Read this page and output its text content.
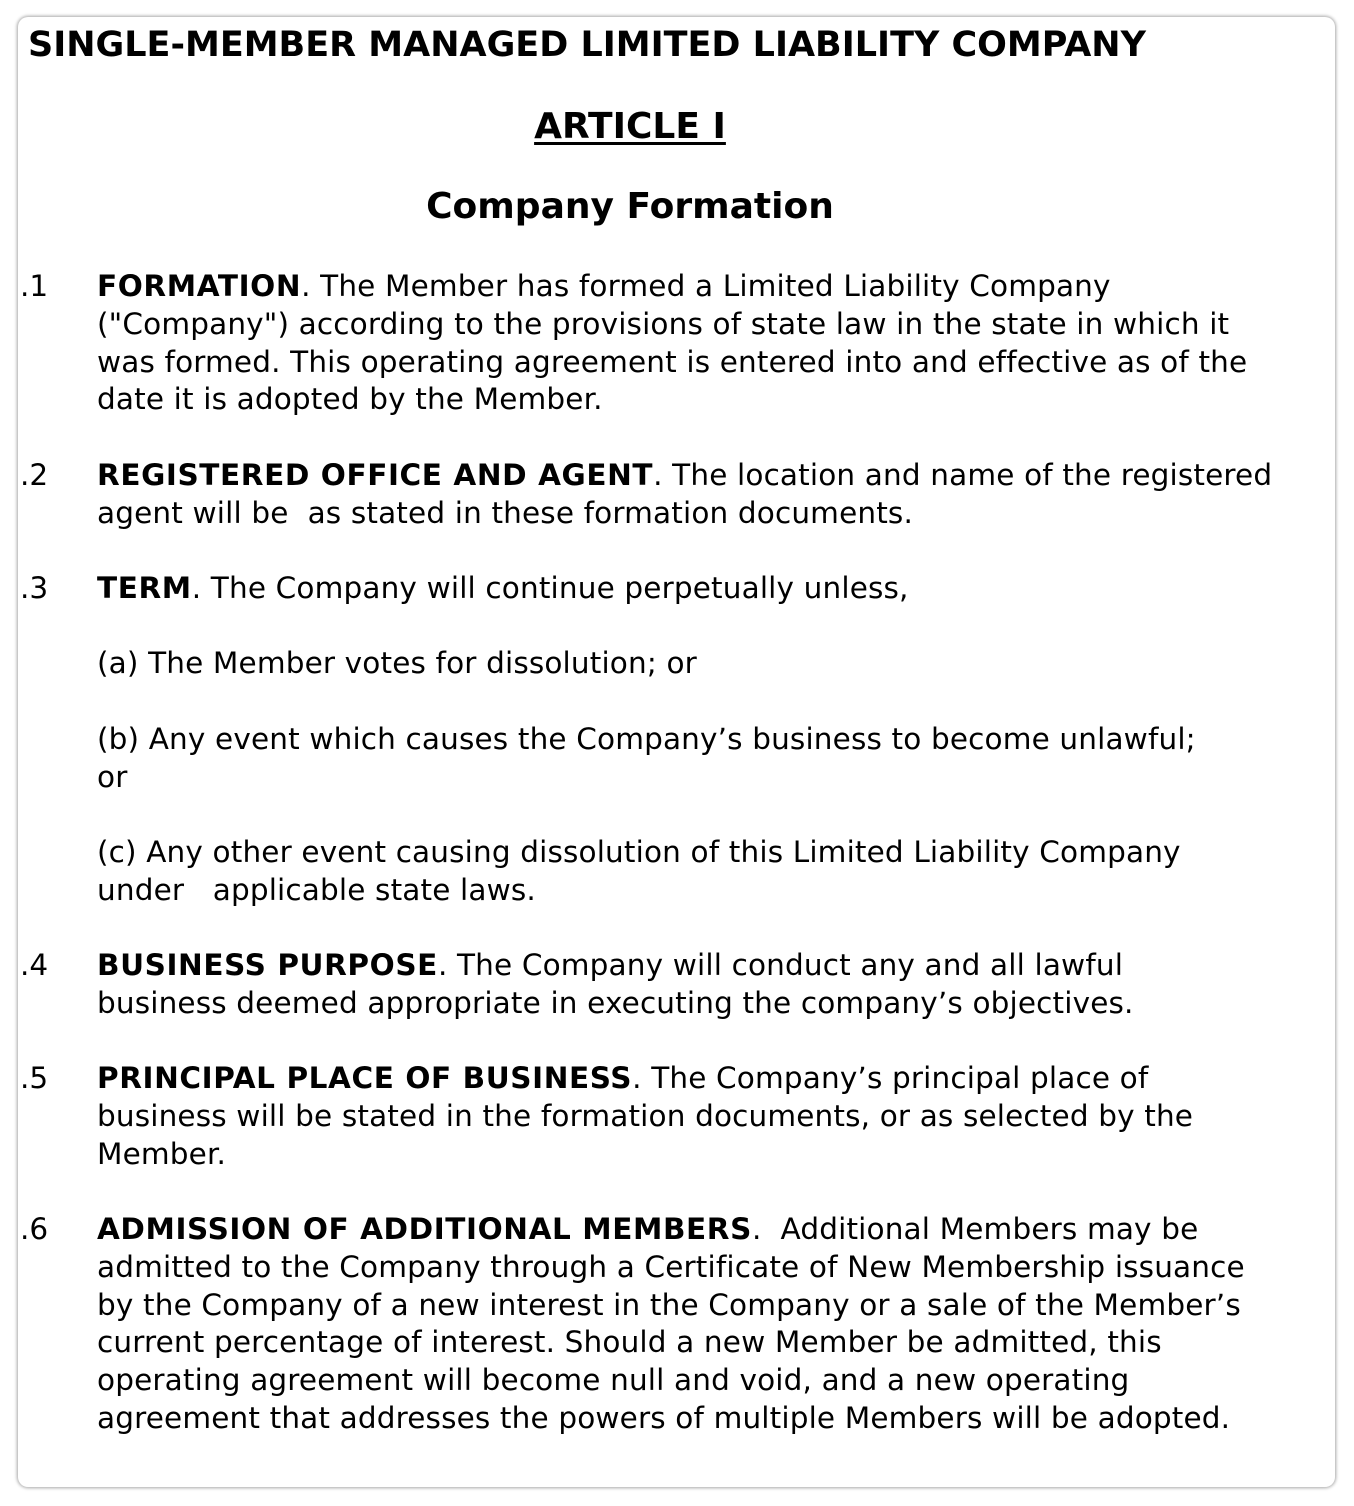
SINGLE-MEMBER MANAGED LIMITED LIABILITY COMPANY
ARTICLE I
Company Formation
.1 FORMATION. The Member has formed a Limited Liability Company ("Company") according to the provisions of state law in the state in which it was formed. This operating agreement is entered into and effective as of the date it is adopted by the Member.
.2 REGISTERED OFFICE AND AGENT. The location and name of the registered agent will be  as stated in these formation documents.
.3 TERM. The Company will continue perpetually unless,

(a) The Member votes for dissolution; or

(b) Any event which causes the Company’s business to become unlawful; or

(c) Any other event causing dissolution of this Limited Liability Company under   applicable state laws.

.4 BUSINESS PURPOSE. The Company will conduct any and all lawful business deemed appropriate in executing the company’s objectives.
.5 PRINCIPAL PLACE OF BUSINESS. The Company’s principal place of business will be stated in the formation documents, or as selected by the Member.
.6 ADMISSION OF ADDITIONAL MEMBERS.  Additional Members may be admitted to the Company through a Certificate of New Membership issuance by the Company of a new interest in the Company or a sale of the Member’s current percentage of interest. Should a new Member be admitted, this operating agreement will become null and void, and a new operating agreement that addresses the powers of multiple Members will be adopted.
